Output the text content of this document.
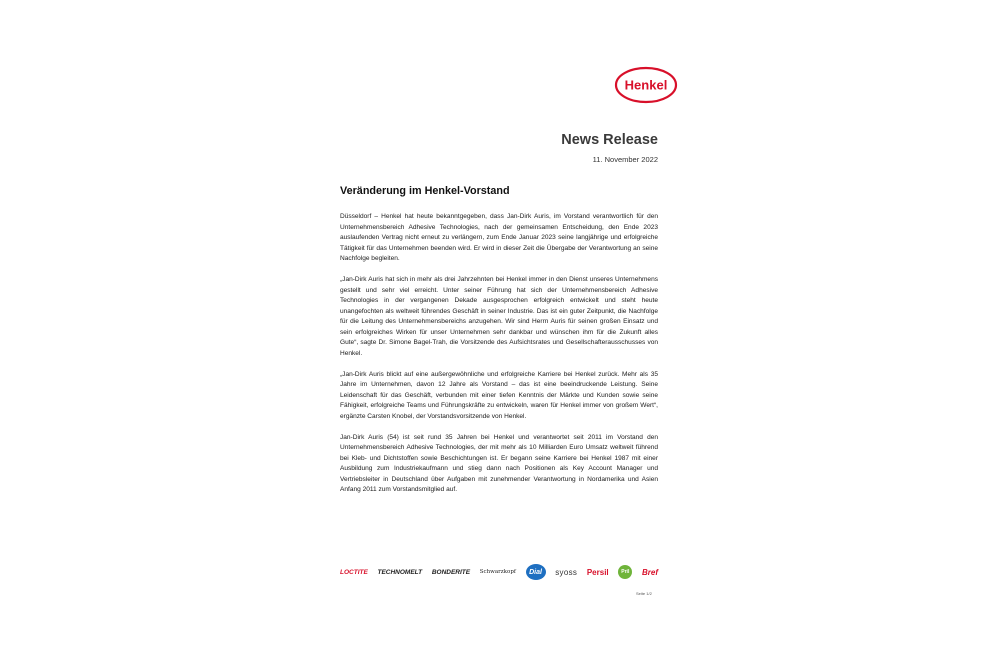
Henkel
News Release
11. November 2022
Veränderung im Henkel-Vorstand

Düsseldorf – Henkel hat heute bekanntgegeben, dass Jan-Dirk Auris, im Vorstand verantwortlich für den Unternehmensbereich Adhesive Technologies, nach der gemeinsamen Entscheidung, den Ende 2023 auslaufenden Vertrag nicht erneut zu verlängern, zum Ende Januar 2023 seine langjährige und erfolgreiche Tätigkeit für das Unternehmen beenden wird. Er wird in dieser Zeit die Übergabe der Verantwortung an seine Nachfolge begleiten.

„Jan-Dirk Auris hat sich in mehr als drei Jahrzehnten bei Henkel immer in den Dienst unseres Unternehmens gestellt und sehr viel erreicht. Unter seiner Führung hat sich der Unternehmensbereich Adhesive Technologies in der vergangenen Dekade ausgesprochen erfolgreich entwickelt und steht heute unangefochten als weltweit führendes Geschäft in seiner Industrie. Das ist ein guter Zeitpunkt, die Nachfolge für die Leitung des Unternehmensbereichs anzugehen. Wir sind Herrn Auris für seinen großen Einsatz und sein erfolgreiches Wirken für unser Unternehmen sehr dankbar und wünschen ihm für die Zukunft alles Gute“, sagte Dr. Simone Bagel-Trah, die Vorsitzende des Aufsichtsrates und Gesellschafterausschusses von Henkel.

„Jan-Dirk Auris blickt auf eine außergewöhnliche und erfolgreiche Karriere bei Henkel zurück. Mehr als 35 Jahre im Unternehmen, davon 12 Jahre als Vorstand – das ist eine beeindruckende Leistung. Seine Leidenschaft für das Geschäft, verbunden mit einer tiefen Kenntnis der Märkte und Kunden sowie seine Fähigkeit, erfolgreiche Teams und Führungskräfte zu entwickeln, waren für Henkel immer von großem Wert“, ergänzte Carsten Knobel, der Vorstandsvorsitzende von Henkel.

Jan-Dirk Auris (54) ist seit rund 35 Jahren bei Henkel und verantwortet seit 2011 im Vorstand den Unternehmensbereich Adhesive Technologies, der mit mehr als 10 Milliarden Euro Umsatz weltweit führend bei Kleb- und Dichtstoffen sowie Beschichtungen ist. Er begann seine Karriere bei Henkel 1987 mit einer Ausbildung zum Industriekaufmann und stieg dann nach Positionen als Key Account Manager und Vertriebsleiter in Deutschland über Aufgaben mit zunehmender Verantwortung in Nordamerika und Asien Anfang 2011 zum Vorstandsmitglied auf.

LOCTITE TECHNOMELT BONDERITE Schwarzkopf	Dial	syoss Persil	Pril	Bref
Seite 1/2
